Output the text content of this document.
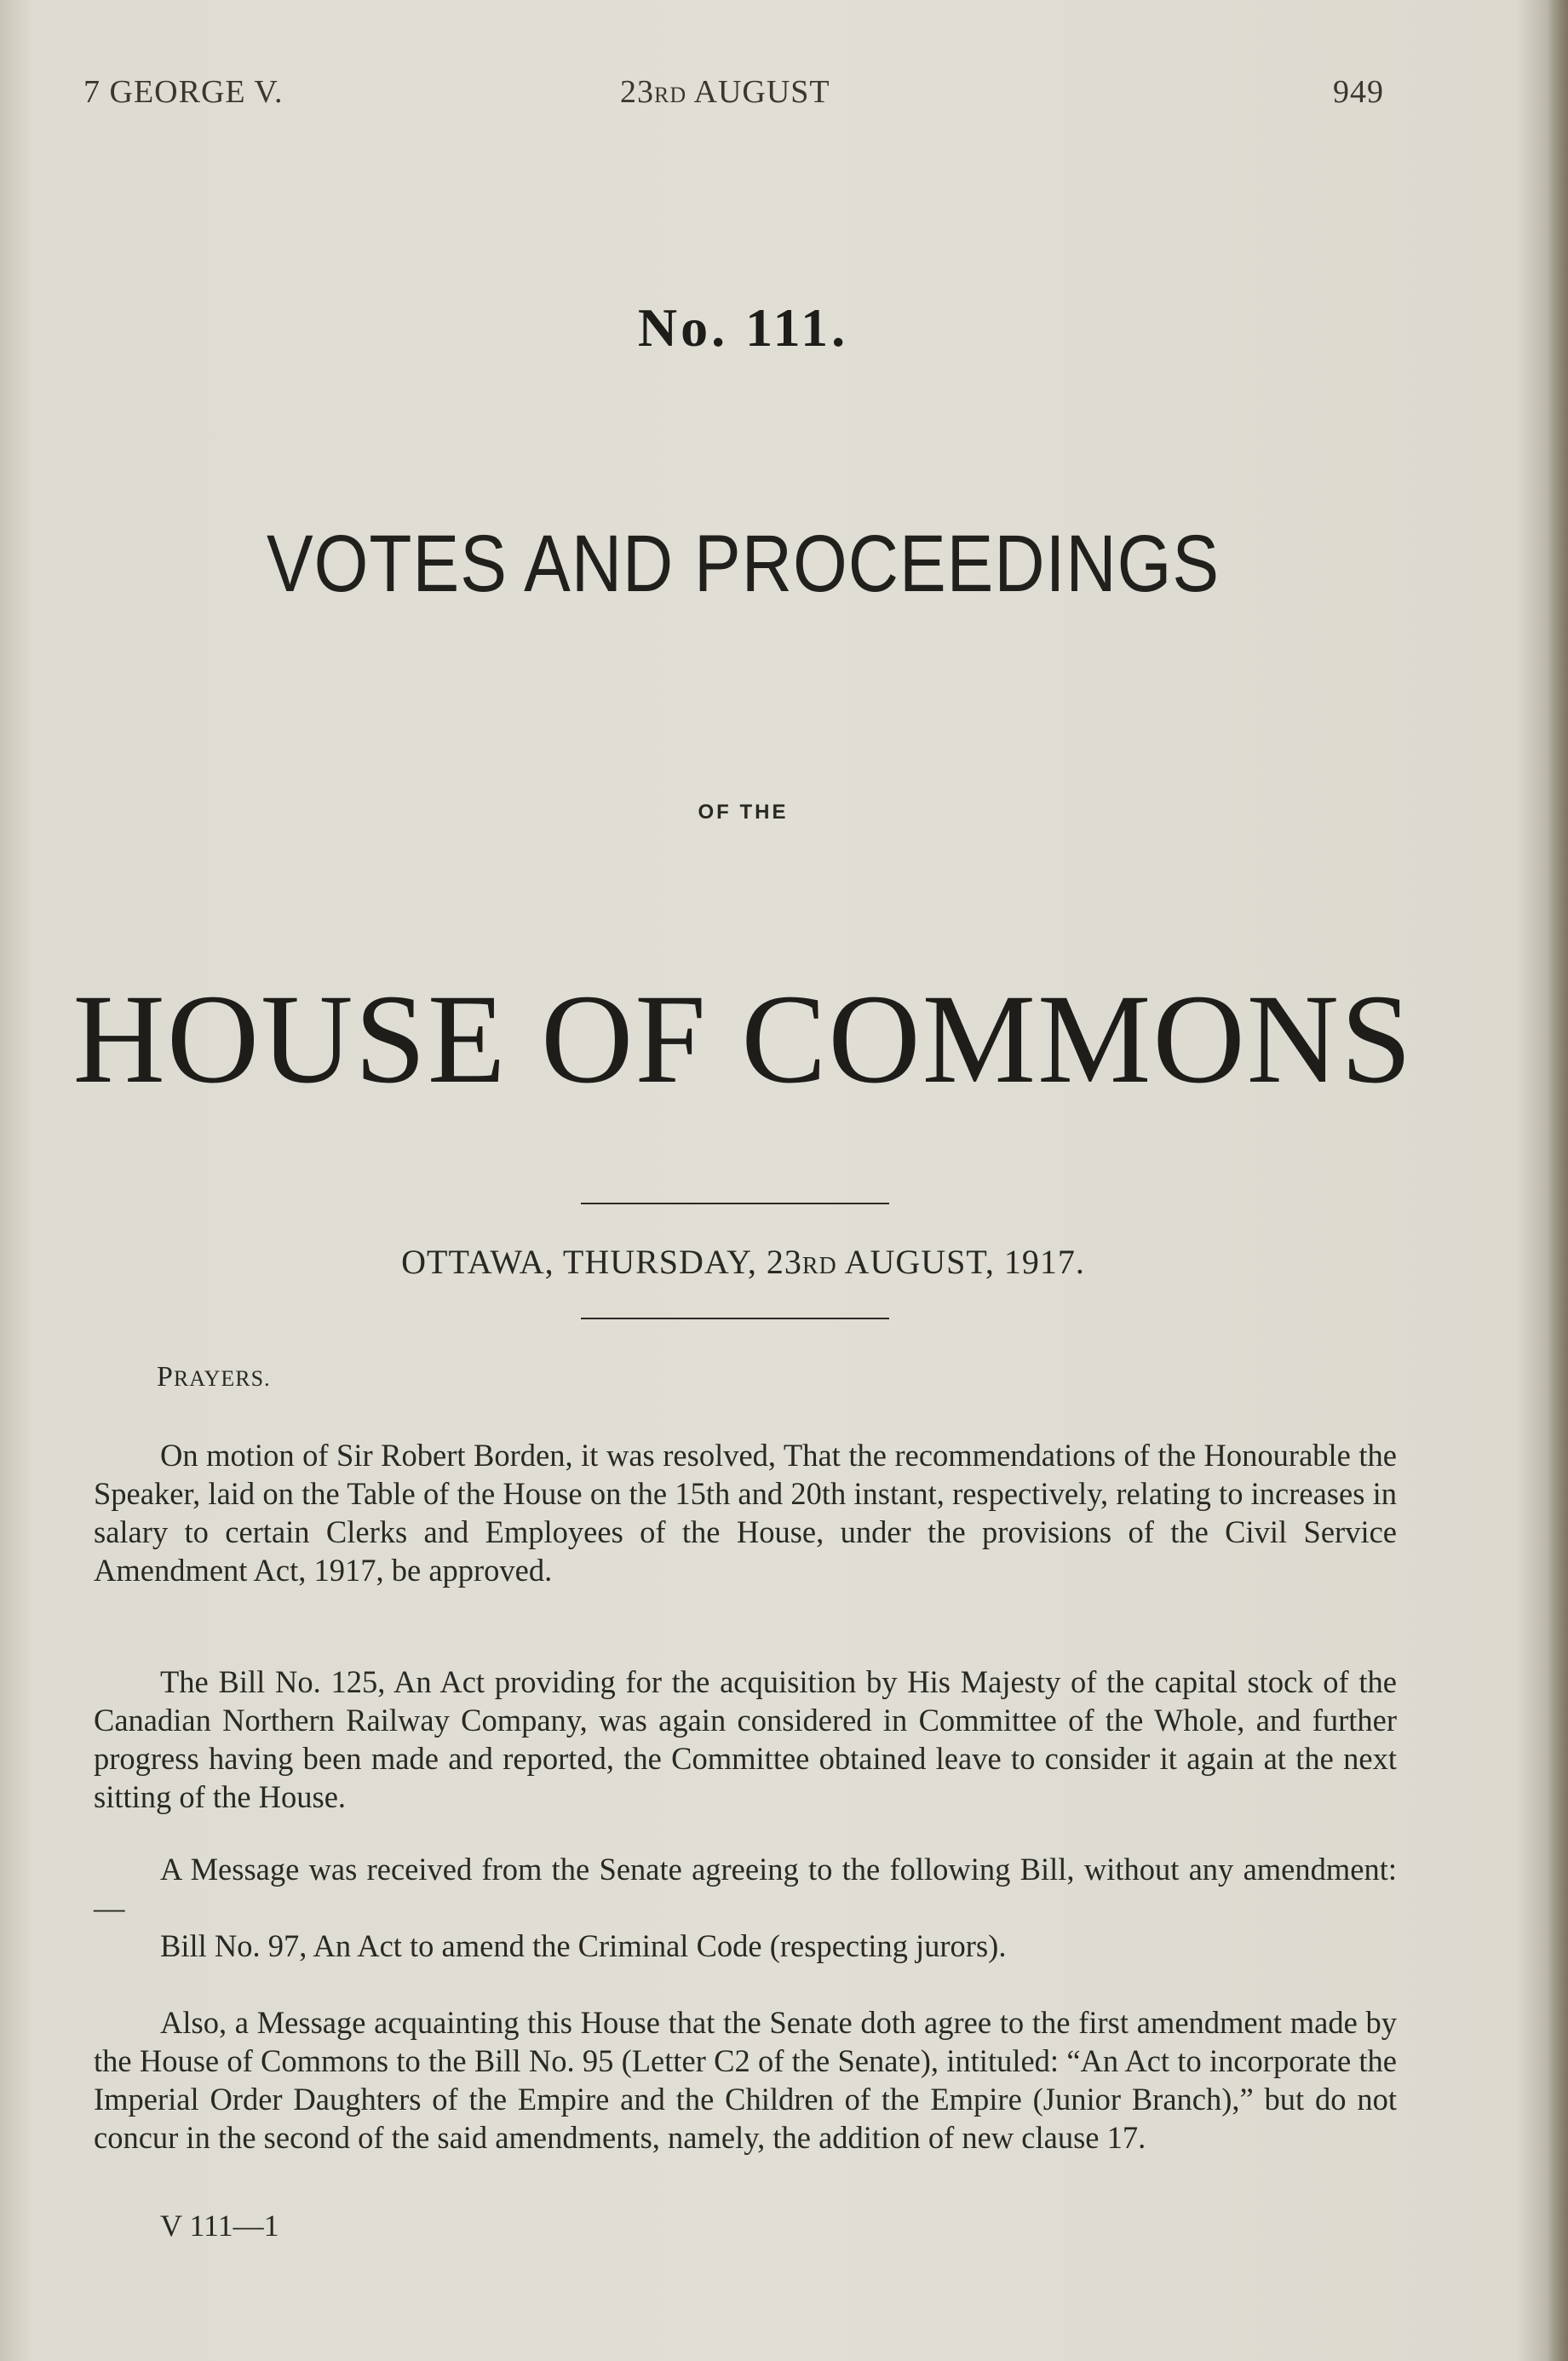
7 GEORGE V.	23RD AUGUST	949
No. 111.
VOTES AND PROCEEDINGS
OF THE
HOUSE OF COMMONS
OTTAWA, THURSDAY, 23RD AUGUST, 1917.
PRAYERS.
On motion of Sir Robert Borden, it was resolved, That the recommendations of the Honourable the Speaker, laid on the Table of the House on the 15th and 20th instant, respectively, relating to increases in salary to certain Clerks and Employees of the House, under the provisions of the Civil Service Amendment Act, 1917, be approved.
The Bill No. 125, An Act providing for the acquisition by His Majesty of the capital stock of the Canadian Northern Railway Company, was again considered in Committee of the Whole, and further progress having been made and reported, the Committee obtained leave to consider it again at the next sitting of the House.
A Message was received from the Senate agreeing to the following Bill, without any amendment:—
Bill No. 97, An Act to amend the Criminal Code (respecting jurors).
Also, a Message acquainting this House that the Senate doth agree to the first amendment made by the House of Commons to the Bill No. 95 (Letter C2 of the Senate), intituled: “An Act to incorporate the Imperial Order Daughters of the Empire and the Children of the Empire (Junior Branch),” but do not concur in the second of the said amendments, namely, the addition of new clause 17.
V 111—1
